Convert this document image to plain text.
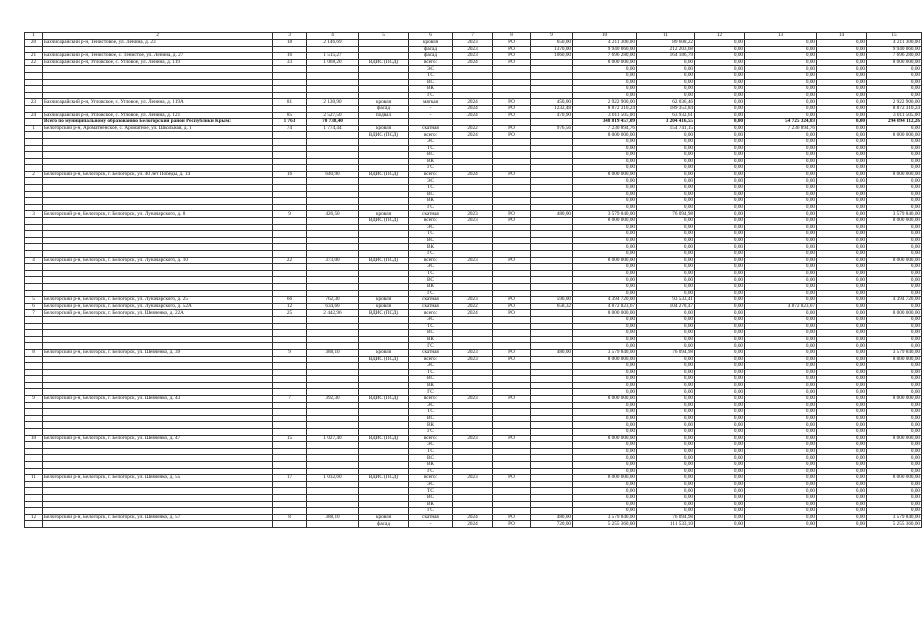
1	2	3	4	5	6	7	8	9	10	11	12	13	14	15
20	Бахчисарайский р-н, Тенистовое, ул. Ленина, д. 23	18	2 146,69		кровля	2023	РО	650,00	4 211 300,00	89 608,22	0,00	0,00	0,00	4 211 300,00
					фасад	2023	РО	1370,00	9 940 060,00	212 203,68	0,00	0,00	0,00	9 940 060,00
21	Бахчисарайский р-н, Тенистовое, с. Тенистое, ул. Ленина, д. 27	16	1 515,27		фасад	2023	РО	1060,00	7 696 280,00	164 186,79	0,00	0,00	0,00	7 696 280,00
22	Бахчисарайский р-н, Угловское, с. Угловое, ул. Ленина, д. 119	33	1 068,20	ВДИС (ПСД)	всего:	2024	РО		8 000 000,00	0,00	0,00	0,00	0,00	8 000 000,00
					ЭС				0,00	0,00	0,00	0,00	0,00	0,00
					ТС				0,00	0,00	0,00	0,00	0,00	0,00
					ВС				0,00	0,00	0,00	0,00	0,00	0,00
					ВК				0,00	0,00	0,00	0,00	0,00	0,00
					ГС				0,00	0,00	0,00	0,00	0,00	0,00
23	Бахчисарайский р-н, Угловское, с. Угловое, ул. Ленина, д. 119А	81	2 130,90	кровля	мягкая	2024	РО	450,00	2 922 900,00	62 036,46	0,00	0,00	0,00	2 922 900,00
				фасад	-	2024	РО	1232,48	8 872 310,24	189 353,84	0,00	0,00	0,00	8 872 310,24
24	Бахчисарайский р-н, Угловское, с. Угловое, ул. Ленина, д. 121	85	2 527,50	подвал	-	2024	РО	470,90	3 011 505,00	63 932,61	0,00	0,00	0,00	3 011 505,00
	Всего по муниципальному образованию Белогорский район Республики Крым:	1 763	70 738,40						348 819 457,09	3 204 416,55	0,00	54 725 324,83	0,00	294 094 112,26
1	Белогорский р-н, Ароматненское, с. Ароматное, ул. Школьная, д. 1	74	1 774,44	кровля	скатная	2022	РО	976,56	7 230 894,76	154 741,15	0,00	7 230 894,76	0,00	0,00
				ВДИС (ПСД)	всего:	2024	РО		8 000 000,00	0,00	0,00	0,00	0,00	8 000 000,00
					ЭС				0,00	0,00	0,00	0,00	0,00	0,00
					ТС				0,00	0,00	0,00	0,00	0,00	0,00
					ВС				0,00	0,00	0,00	0,00	0,00	0,00
					ВК				0,00	0,00	0,00	0,00	0,00	0,00
					ГС				0,00	0,00	0,00	0,00	0,00	0,00
2	Белогорский р-н, Белогорск, г. Белогорск, ул. 40 лет Победы, д. 14	16	640,90	ВДИС (ПСД)	всего:	2024	РО		8 000 000,00	0,00	0,00	0,00	0,00	8 000 000,00
					ЭС				0,00	0,00	0,00	0,00	0,00	0,00
					ТС				0,00	0,00	0,00	0,00	0,00	0,00
					ВС				0,00	0,00	0,00	0,00	0,00	0,00
					ВК				0,00	0,00	0,00	0,00	0,00	0,00
					ГС				0,00	0,00	0,00	0,00	0,00	0,00
3	Белогорский р-н, Белогорск, г. Белогорск, ул. Луначарского, д. 8	9	426,50	кровля	скатная	2023	РО	480,00	3 579 840,00	76 094,98	0,00	0,00	0,00	3 579 840,00
				ВДИС (ПСД)	всего:	2023	РО		8 000 000,00	0,00	0,00	0,00	0,00	8 000 000,00
					ЭС				0,00	0,00	0,00	0,00	0,00	0,00
					ТС				0,00	0,00	0,00	0,00	0,00	0,00
					ВС				0,00	0,00	0,00	0,00	0,00	0,00
					ВК				0,00	0,00	0,00	0,00	0,00	0,00
					ГС				0,00	0,00	0,00	0,00	0,00	0,00
4	Белогорский р-н, Белогорск, г. Белогорск, ул. Луначарского, д. 10	22	373,00	ВДИС (ПСД)	всего:	2023	РО		8 000 000,00	0,00	0,00	0,00	0,00	8 000 000,00
					ЭС				0,00	0,00	0,00	0,00	0,00	0,00
					ТС				0,00	0,00	0,00	0,00	0,00	0,00
					ВС				0,00	0,00	0,00	0,00	0,00	0,00
					ВК				0,00	0,00	0,00	0,00	0,00	0,00
					ГС				0,00	0,00	0,00	0,00	0,00	0,00
5	Белогорский р-н, Белогорск, г. Белогорск, ул. Луначарского, д. 25	66	762,30	кровля	скатная	2023	РО	590,00	4 394 720,00	93 533,41	0,00	0,00	0,00	4 394 720,00
6	Белогорский р-н, Белогорск, г. Белогорск, ул. Луначарского, д. 52А	12	634,60	кровля	скатная	2022	РО	658,32	4 872 823,67	104 278,47	0,00	4 872 823,67	0,00	0,00
7	Белогорский р-н, Белогорск, г. Белогорск, ул. Шевченко, д. 22А	25	2 442,96	ВДИС (ПСД)	всего:	2024	РО		8 000 000,00	0,00	0,00	0,00	0,00	8 000 000,00
					ЭС				0,00	0,00	0,00	0,00	0,00	0,00
					ТС				0,00	0,00	0,00	0,00	0,00	0,00
					ВС				0,00	0,00	0,00	0,00	0,00	0,00
					ВК				0,00	0,00	0,00	0,00	0,00	0,00
					ГС				0,00	0,00	0,00	0,00	0,00	0,00
8	Белогорский р-н, Белогорск, г. Белогорск, ул. Шевченко, д. 39	9	388,10	кровля	скатная	2023	РО	480,00	3 579 840,00	76 094,98	0,00	0,00	0,00	3 579 840,00
				ВДИС (ПСД)	всего:	2023	РО		8 000 000,00	0,00	0,00	0,00	0,00	8 000 000,00
					ЭС				0,00	0,00	0,00	0,00	0,00	0,00
					ТС				0,00	0,00	0,00	0,00	0,00	0,00
					ВС				0,00	0,00	0,00	0,00	0,00	0,00
					ВК				0,00	0,00	0,00	0,00	0,00	0,00
					ГС				0,00	0,00	0,00	0,00	0,00	0,00
9	Белогорский р-н, Белогорск, г. Белогорск, ул. Шевченко, д. 43	7	392,30	ВДИС (ПСД)	всего:	2023	РО		8 000 000,00	0,00	0,00	0,00	0,00	8 000 000,00
					ЭС				0,00	0,00	0,00	0,00	0,00	0,00
					ТС				0,00	0,00	0,00	0,00	0,00	0,00
					ВС				0,00	0,00	0,00	0,00	0,00	0,00
					ВК				0,00	0,00	0,00	0,00	0,00	0,00
					ГС				0,00	0,00	0,00	0,00	0,00	0,00
10	Белогорский р-н, Белогорск, г. Белогорск, ул. Шевченко, д. 47	15	1 027,40	ВДИС (ПСД)	всего:	2023	РО		8 000 000,00	0,00	0,00	0,00	0,00	8 000 000,00
					ЭС				0,00	0,00	0,00	0,00	0,00	0,00
					ТС				0,00	0,00	0,00	0,00	0,00	0,00
					ВС				0,00	0,00	0,00	0,00	0,00	0,00
					ВК				0,00	0,00	0,00	0,00	0,00	0,00
					ГС				0,00	0,00	0,00	0,00	0,00	0,00
11	Белогорский р-н, Белогорск, г. Белогорск, ул. Шевченко, д. 55	17	1 032,60	ВДИС (ПСД)	всего:	2023	РО		8 000 000,00	0,00	0,00	0,00	0,00	8 000 000,00
					ЭС				0,00	0,00	0,00	0,00	0,00	0,00
					ТС				0,00	0,00	0,00	0,00	0,00	0,00
					ВС				0,00	0,00	0,00	0,00	0,00	0,00
					ВК				0,00	0,00	0,00	0,00	0,00	0,00
					ГС				0,00	0,00	0,00	0,00	0,00	0,00
12	Белогорский р-н, Белогорск, г. Белогорск, ул. Шевченко, д. 57	8	388,10	кровля	скатная	2024	РО	480,00	3 579 840,00	76 094,98	0,00	0,00	0,00	3 579 840,00
				фасад	-	2024	РО	720,00	5 255 360,00	111 533,10	0,00	0,00	0,00	5 255 360,00
